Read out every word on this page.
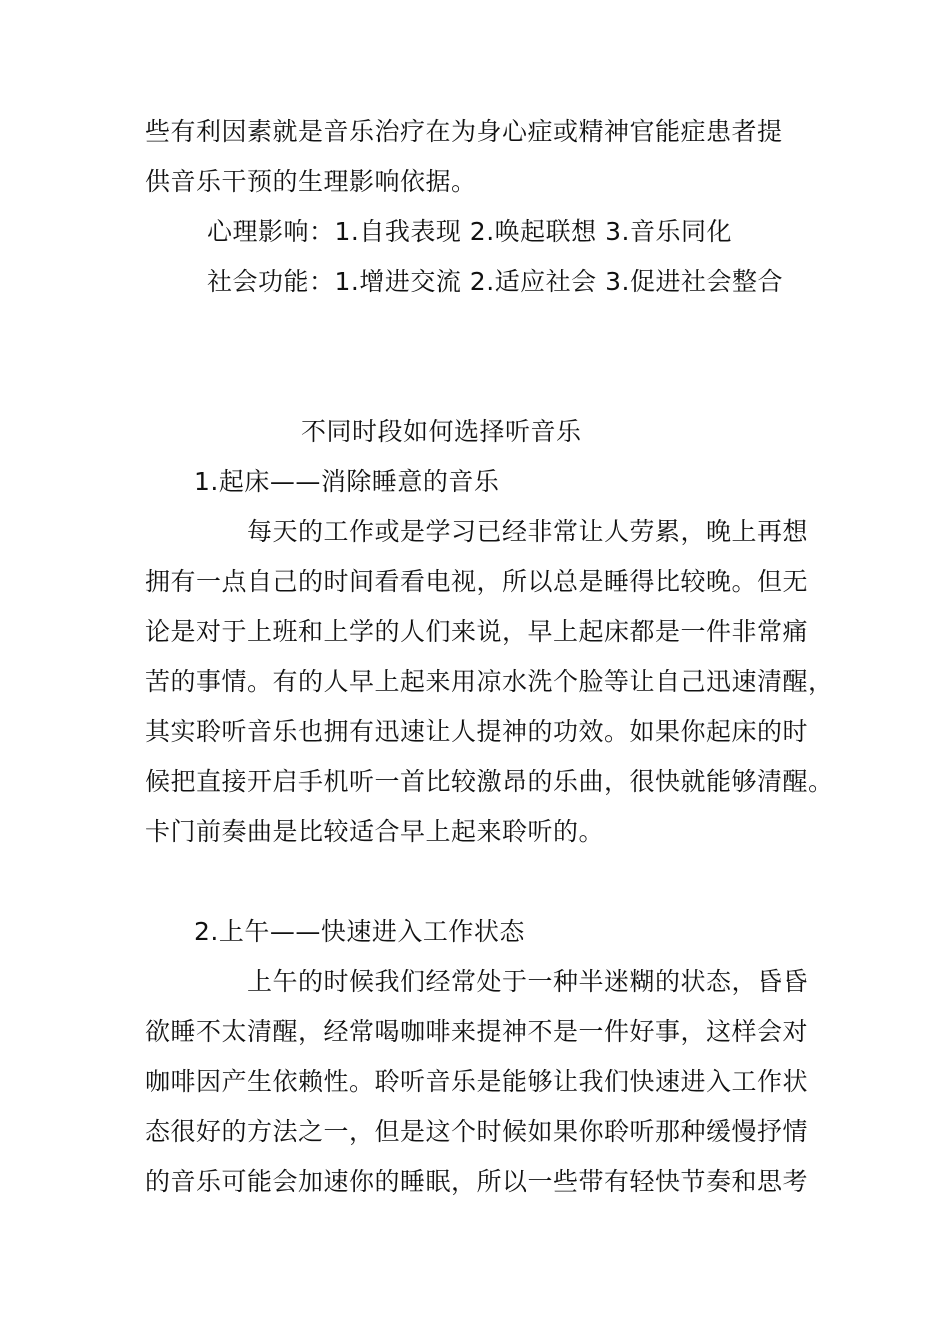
些有利因素就是音乐治疗在为身心症或精神官能症患者提
供音乐干预的生理影响依据。
心理影响：1.自我表现 2.唤起联想 3.音乐同化
社会功能：1.增进交流 2.适应社会 3.促进社会整合
不同时段如何选择听音乐
1.起床——消除睡意的音乐
每天的工作或是学习已经非常让人劳累，晚上再想
拥有一点自己的时间看看电视，所以总是睡得比较晚。但无
论是对于上班和上学的人们来说，早上起床都是一件非常痛
苦的事情。有的人早上起来用凉水洗个脸等让自己迅速清醒，
其实聆听音乐也拥有迅速让人提神的功效。如果你起床的时
候把直接开启手机听一首比较激昂的乐曲，很快就能够清醒。
卡门前奏曲是比较适合早上起来聆听的。
2.上午——快速进入工作状态
上午的时候我们经常处于一种半迷糊的状态，昏昏
欲睡不太清醒，经常喝咖啡来提神不是一件好事，这样会对
咖啡因产生依赖性。聆听音乐是能够让我们快速进入工作状
态很好的方法之一，但是这个时候如果你聆听那种缓慢抒情
的音乐可能会加速你的睡眠，所以一些带有轻快节奏和思考
